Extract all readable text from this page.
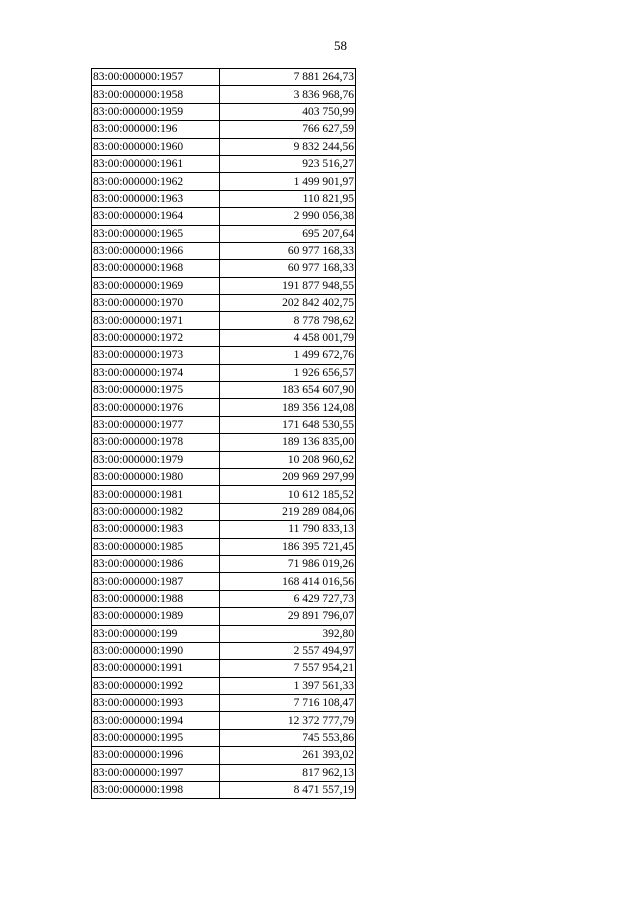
58
83:00:000000:1957	7 881 264,73
83:00:000000:1958	3 836 968,76
83:00:000000:1959	403 750,99
83:00:000000:196	766 627,59
83:00:000000:1960	9 832 244,56
83:00:000000:1961	923 516,27
83:00:000000:1962	1 499 901,97
83:00:000000:1963	110 821,95
83:00:000000:1964	2 990 056,38
83:00:000000:1965	695 207,64
83:00:000000:1966	60 977 168,33
83:00:000000:1968	60 977 168,33
83:00:000000:1969	191 877 948,55
83:00:000000:1970	202 842 402,75
83:00:000000:1971	8 778 798,62
83:00:000000:1972	4 458 001,79
83:00:000000:1973	1 499 672,76
83:00:000000:1974	1 926 656,57
83:00:000000:1975	183 654 607,90
83:00:000000:1976	189 356 124,08
83:00:000000:1977	171 648 530,55
83:00:000000:1978	189 136 835,00
83:00:000000:1979	10 208 960,62
83:00:000000:1980	209 969 297,99
83:00:000000:1981	10 612 185,52
83:00:000000:1982	219 289 084,06
83:00:000000:1983	11 790 833,13
83:00:000000:1985	186 395 721,45
83:00:000000:1986	71 986 019,26
83:00:000000:1987	168 414 016,56
83:00:000000:1988	6 429 727,73
83:00:000000:1989	29 891 796,07
83:00:000000:199	392,80
83:00:000000:1990	2 557 494,97
83:00:000000:1991	7 557 954,21
83:00:000000:1992	1 397 561,33
83:00:000000:1993	7 716 108,47
83:00:000000:1994	12 372 777,79
83:00:000000:1995	745 553,86
83:00:000000:1996	261 393,02
83:00:000000:1997	817 962,13
83:00:000000:1998	8 471 557,19
